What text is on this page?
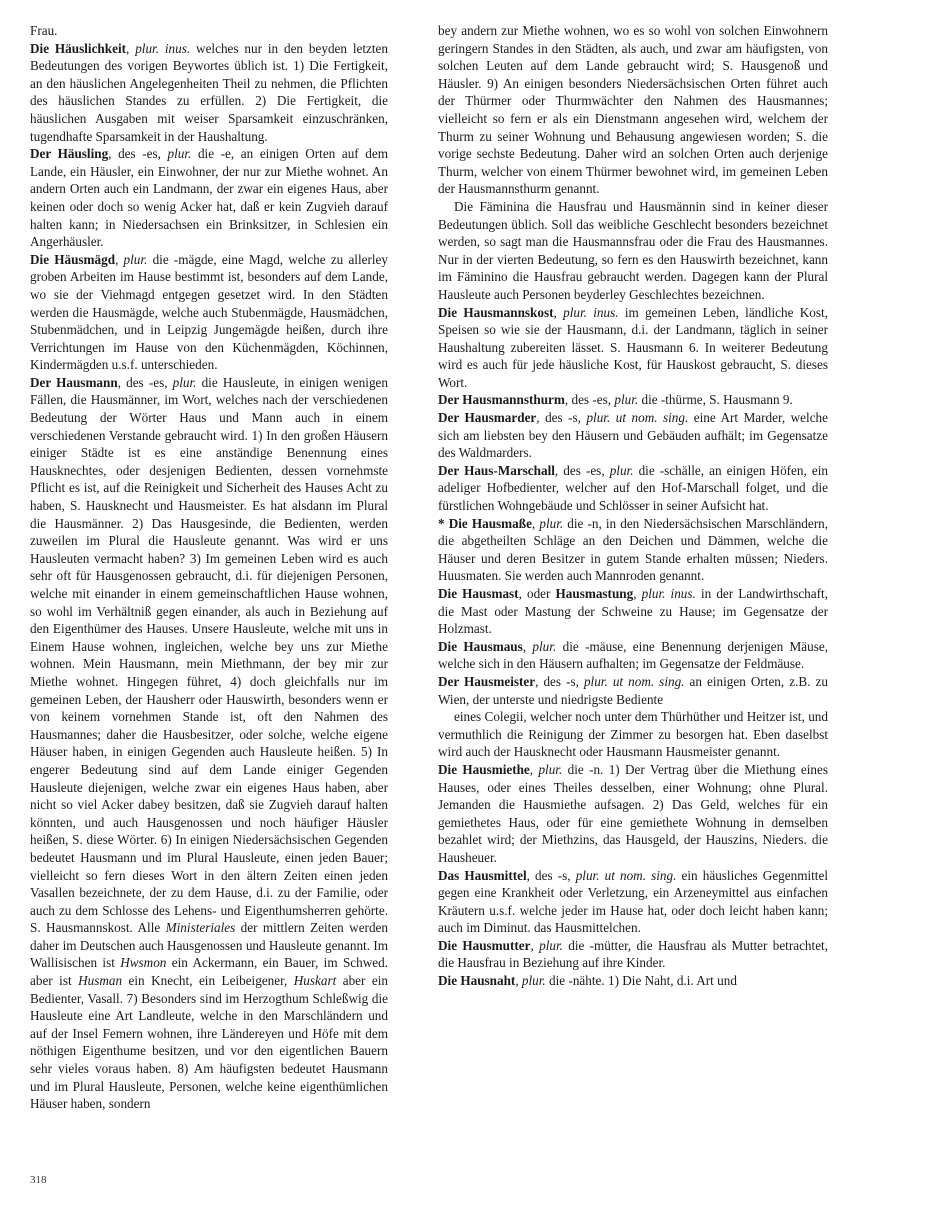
Frau.

Die Häuslichkeit, plur. inus. welches nur in den beyden letzten Bedeutungen des vorigen Beywortes üblich ist. 1) Die Fertigkeit, an den häuslichen Angelegenheiten Theil zu nehmen, die Pflichten des häuslichen Standes zu erfüllen. 2) Die Fertigkeit, die häuslichen Ausgaben mit weiser Sparsamkeit einzuschränken, tugendhafte Sparsamkeit in der Haushaltung.

Der Häusling, des -es, plur. die -e, an einigen Orten auf dem Lande, ein Häusler, ein Einwohner, der nur zur Miethe wohnet. An andern Orten auch ein Landmann, der zwar ein eigenes Haus, aber keinen oder doch so wenig Acker hat, daß er kein Zugvieh darauf halten kann; in Niedersachsen ein Brinksitzer, in Schlesien ein Angerhäusler.

Die Häusmägd, plur. die -mägde, eine Magd, welche zu allerley groben Arbeiten im Hause bestimmt ist, besonders auf dem Lande, wo sie der Viehmagd entgegen gesetzet wird. In den Städten werden die Hausmägde, welche auch Stubenmägde, Hausmädchen, Stubenmädchen, und in Leipzig Jungemägde heißen, durch ihre Verrichtungen im Hause von den Küchenmägden, Köchinnen, Kindermägden u.s.f. unterschieden.

Der Hausmann, des -es, plur. die Hausleute, in einigen wenigen Fällen, die Hausmänner, im Wort, welches nach der verschiedenen Bedeutung der Wörter Haus und Mann auch in einem verschiedenen Verstande gebraucht wird. 1) In den großen Häusern einiger Städte ist es eine anständige Benennung eines Hausknechtes, oder desjenigen Bedienten, dessen vornehmste Pflicht es ist, auf die Reinigkeit und Sicherheit des Hauses Acht zu haben, S. Hausknecht und Hausmeister. Es hat alsdann im Plural die Hausmänner. 2) Das Hausgesinde, die Bedienten, werden zuweilen im Plural die Hausleute genannt. Was wird er uns Hausleuten vermacht haben? 3) Im gemeinen Leben wird es auch sehr oft für Hausgenossen gebraucht, d.i. für diejenigen Personen, welche mit einander in einem gemeinschaftlichen Hause wohnen, so wohl im Verhältniß gegen einander, als auch in Beziehung auf den Eigenthümer des Hauses. Unsere Hausleute, welche mit uns in Einem Hause wohnen, ingleichen, welche bey uns zur Miethe wohnen. Mein Hausmann, mein Miethmann, der bey mir zur Miethe wohnet. Hingegen führet, 4) doch gleichfalls nur im gemeinen Leben, der Hausherr oder Hauswirth, besonders wenn er von keinem vornehmen Stande ist, oft den Nahmen des Hausmannes; daher die Hausbesitzer, oder solche, welche eigene Häuser haben, in einigen Gegenden auch Hausleute heißen. 5) In engerer Bedeutung sind auf dem Lande einiger Gegenden Hausleute diejenigen, welche zwar ein eigenes Haus haben, aber nicht so viel Acker dabey besitzen, daß sie Zugvieh darauf halten könnten, und auch Hausgenossen und noch häufiger Häusler heißen, S. diese Wörter. 6) In einigen Niedersächsischen Gegenden bedeutet Hausmann und im Plural Hausleute, einen jeden Bauer; vielleicht so fern dieses Wort in den ältern Zeiten einen jeden Vasallen bezeichnete, der zu dem Hause, d.i. zu der Familie, oder auch zu dem Schlosse des Lehens- und Eigenthumsherren gehörte. S. Hausmannskost. Alle Ministeriales der mittlern Zeiten werden daher im Deutschen auch Hausgenossen und Hausleute genannt. Im Wallisischen ist Hwsmon ein Ackermann, ein Bauer, im Schwed. aber ist Husman ein Knecht, ein Leibeigener, Huskart aber ein Bedienter, Vasall. 7) Besonders sind im Herzogthum Schleßwig die Hausleute eine Art Landleute, welche in den Marschländern und auf der Insel Femern wohnen, ihre Ländereyen und Höfe mit dem nöthigen Eigenthume besitzen, und vor den eigentlichen Bauern sehr vieles voraus haben. 8) Am häufigsten bedeutet Hausmann und im Plural Hausleute, Personen, welche keine eigenthümlichen Häuser haben, sondern

bey andern zur Miethe wohnen, wo es so wohl von solchen Einwohnern geringern Standes in den Städten, als auch, und zwar am häufigsten, von solchen Leuten auf dem Lande gebraucht wird; S. Hausgenoß und Häusler. 9) An einigen besonders Niedersächsischen Orten führet auch der Thürmer oder Thurmwächter den Nahmen des Hausmannes; vielleicht so fern er als ein Dienstmann angesehen wird, welchem der Thurm zu seiner Wohnung und Behausung angewiesen worden; S. die vorige sechste Bedeutung. Daher wird an solchen Orten auch derjenige Thurm, welcher von einem Thürmer bewohnet wird, im gemeinen Leben der Hausmannsthurm genannt.

Die Fäminina die Hausfrau und Hausmännin sind in keiner dieser Bedeutungen üblich. Soll das weibliche Geschlecht besonders bezeichnet werden, so sagt man die Hausmannsfrau oder die Frau des Hausmannes. Nur in der vierten Bedeutung, so fern es den Hauswirth bezeichnet, kann im Fäminino die Hausfrau gebraucht werden. Dagegen kann der Plural Hausleute auch Personen beyderley Geschlechtes bezeichnen.

Die Hausmannskost, plur. inus. im gemeinen Leben, ländliche Kost, Speisen so wie sie der Hausmann, d.i. der Landmann, täglich in seiner Haushaltung zubereiten lässet. S. Hausmann 6. In weiterer Bedeutung wird es auch für jede häusliche Kost, für Hauskost gebraucht, S. dieses Wort.

Der Hausmannsthurm, des -es, plur. die -thürme, S. Hausmann 9.

Der Hausmarder, des -s, plur. ut nom. sing. eine Art Marder, welche sich am liebsten bey den Häusern und Gebäuden aufhält; im Gegensatze des Waldmarders.

Der Haus-Marschall, des -es, plur. die -schälle, an einigen Höfen, ein adeliger Hofbedienter, welcher auf den Hof-Marschall folget, und die fürstlichen Wohngebäude und Schlösser in seiner Aufsicht hat.

* Die Hausmaße, plur. die -n, in den Niedersächsischen Marschländern, die abgetheilten Schläge an den Deichen und Dämmen, welche die Häuser und deren Besitzer in gutem Stande erhalten müssen; Nieders. Huusmaten. Sie werden auch Mannroden genannt.

Die Hausmast, oder Hausmastung, plur. inus. in der Landwirthschaft, die Mast oder Mastung der Schweine zu Hause; im Gegensatze der Holzmast.

Die Hausmaus, plur. die -mäuse, eine Benennung derjenigen Mäuse, welche sich in den Häusern aufhalten; im Gegensatze der Feldmäuse.

Der Hausmeister, des -s, plur. ut nom. sing. an einigen Orten, z.B. zu Wien, der unterste und niedrigste Bediente

eines Colegii, welcher noch unter dem Thürhüther und Heitzer ist, und vermuthlich die Reinigung der Zimmer zu besorgen hat. Eben daselbst wird auch der Hausknecht oder Hausmann Hausmeister genannt.

Die Hausmiethe, plur. die -n. 1) Der Vertrag über die Miethung eines Hauses, oder eines Theiles desselben, einer Wohnung; ohne Plural. Jemanden die Hausmiethe aufsagen. 2) Das Geld, welches für ein gemiethetes Haus, oder für eine gemiethete Wohnung in demselben bezahlet wird; der Miethzins, das Hausgeld, der Hauszins, Nieders. die Hausheuer.

Das Hausmittel, des -s, plur. ut nom. sing. ein häusliches Gegenmittel gegen eine Krankheit oder Verletzung, ein Arzeneymittel aus einfachen Kräutern u.s.f. welche jeder im Hause hat, oder doch leicht haben kann; auch im Diminut. das Hausmittelchen.

Die Hausmutter, plur. die -mütter, die Hausfrau als Mutter betrachtet, die Hausfrau in Beziehung auf ihre Kinder.

Die Hausnaht, plur. die -nähte. 1) Die Naht, d.i. Art und

318
